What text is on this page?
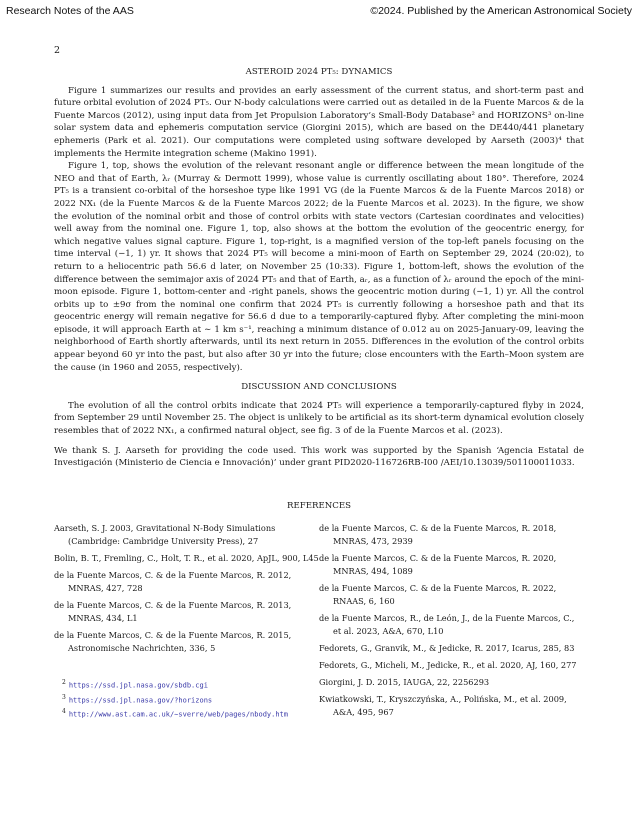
Research Notes of the AAS	©2024. Published by the American Astronomical Society
2
ASTEROID 2024 PT₅: DYNAMICS

Figure 1 summarizes our results and provides an early assessment of the current status, and short-term past and future orbital evolution of 2024 PT₅. Our N-body calculations were carried out as detailed in de la Fuente Marcos & de la Fuente Marcos (2012), using input data from Jet Propulsion Laboratory’s Small-Body Database² and HORIZONS³ on-line solar system data and ephemeris computation service (Giorgini 2015), which are based on the DE440/441 planetary ephemeris (Park et al. 2021). Our computations were completed using software developed by Aarseth (2003)⁴ that implements the Hermite integration scheme (Makino 1991).

Figure 1, top, shows the evolution of the relevant resonant angle or difference between the mean longitude of the NEO and that of Earth, λᵣ (Murray & Dermott 1999), whose value is currently oscillating about 180°. Therefore, 2024 PT₅ is a transient co-orbital of the horseshoe type like 1991 VG (de la Fuente Marcos & de la Fuente Marcos 2018) or 2022 NX₁ (de la Fuente Marcos & de la Fuente Marcos 2022; de la Fuente Marcos et al. 2023). In the figure, we show the evolution of the nominal orbit and those of control orbits with state vectors (Cartesian coordinates and velocities) well away from the nominal one. Figure 1, top, also shows at the bottom the evolution of the geocentric energy, for which negative values signal capture. Figure 1, top-right, is a magnified version of the top-left panels focusing on the time interval (−1, 1) yr. It shows that 2024 PT₅ will become a mini-moon of Earth on September 29, 2024 (20:02), to return to a heliocentric path 56.6 d later, on November 25 (10:33). Figure 1, bottom-left, shows the evolution of the difference between the semimajor axis of 2024 PT₅ and that of Earth, aᵣ, as a function of λᵣ around the epoch of the mini-moon episode. Figure 1, bottom-center and -right panels, shows the geocentric motion during (−1, 1) yr. All the control orbits up to ±9σ from the nominal one confirm that 2024 PT₅ is currently following a horseshoe path and that its geocentric energy will remain negative for 56.6 d due to a temporarily-captured flyby. After completing the mini-moon episode, it will approach Earth at ∼ 1 km s⁻¹, reaching a minimum distance of 0.012 au on 2025-January-09, leaving the neighborhood of Earth shortly afterwards, until its next return in 2055. Differences in the evolution of the control orbits appear beyond 60 yr into the past, but also after 30 yr into the future; close encounters with the Earth–Moon system are the cause (in 1960 and 2055, respectively).

DISCUSSION AND CONCLUSIONS

The evolution of all the control orbits indicate that 2024 PT₅ will experience a temporarily-captured flyby in 2024, from September 29 until November 25. The object is unlikely to be artificial as its short-term dynamical evolution closely resembles that of 2022 NX₁, a confirmed natural object, see fig. 3 of de la Fuente Marcos et al. (2023).

We thank S. J. Aarseth for providing the code used. This work was supported by the Spanish ‘Agencia Estatal de Investigación (Ministerio de Ciencia e Innovación)’ under grant PID2020-116726RB-I00 /AEI/10.13039/501100011033.

REFERENCES
Aarseth, S. J. 2003, Gravitational N-Body Simulations (Cambridge: Cambridge University Press), 27
Bolin, B. T., Fremling, C., Holt, T. R., et al. 2020, ApJL, 900, L45
de la Fuente Marcos, C. & de la Fuente Marcos, R. 2012, MNRAS, 427, 728
de la Fuente Marcos, C. & de la Fuente Marcos, R. 2013, MNRAS, 434, L1
de la Fuente Marcos, C. & de la Fuente Marcos, R. 2015, Astronomische Nachrichten, 336, 5
$^2$ https://ssd.jpl.nasa.gov/sbdb.cgi
$^3$ https://ssd.jpl.nasa.gov/?horizons
$^4$ http://www.ast.cam.ac.uk/∼sverre/web/pages/nbody.htm
de la Fuente Marcos, C. & de la Fuente Marcos, R. 2018, MNRAS, 473, 2939
de la Fuente Marcos, C. & de la Fuente Marcos, R. 2020, MNRAS, 494, 1089
de la Fuente Marcos, C. & de la Fuente Marcos, R. 2022, RNAAS, 6, 160
de la Fuente Marcos, R., de León, J., de la Fuente Marcos, C., et al. 2023, A&A, 670, L10
Fedorets, G., Granvik, M., & Jedicke, R. 2017, Icarus, 285, 83
Fedorets, G., Micheli, M., Jedicke, R., et al. 2020, AJ, 160, 277
Giorgini, J. D. 2015, IAUGA, 22, 2256293
Kwiatkowski, T., Kryszczyńska, A., Polińska, M., et al. 2009, A&A, 495, 967
